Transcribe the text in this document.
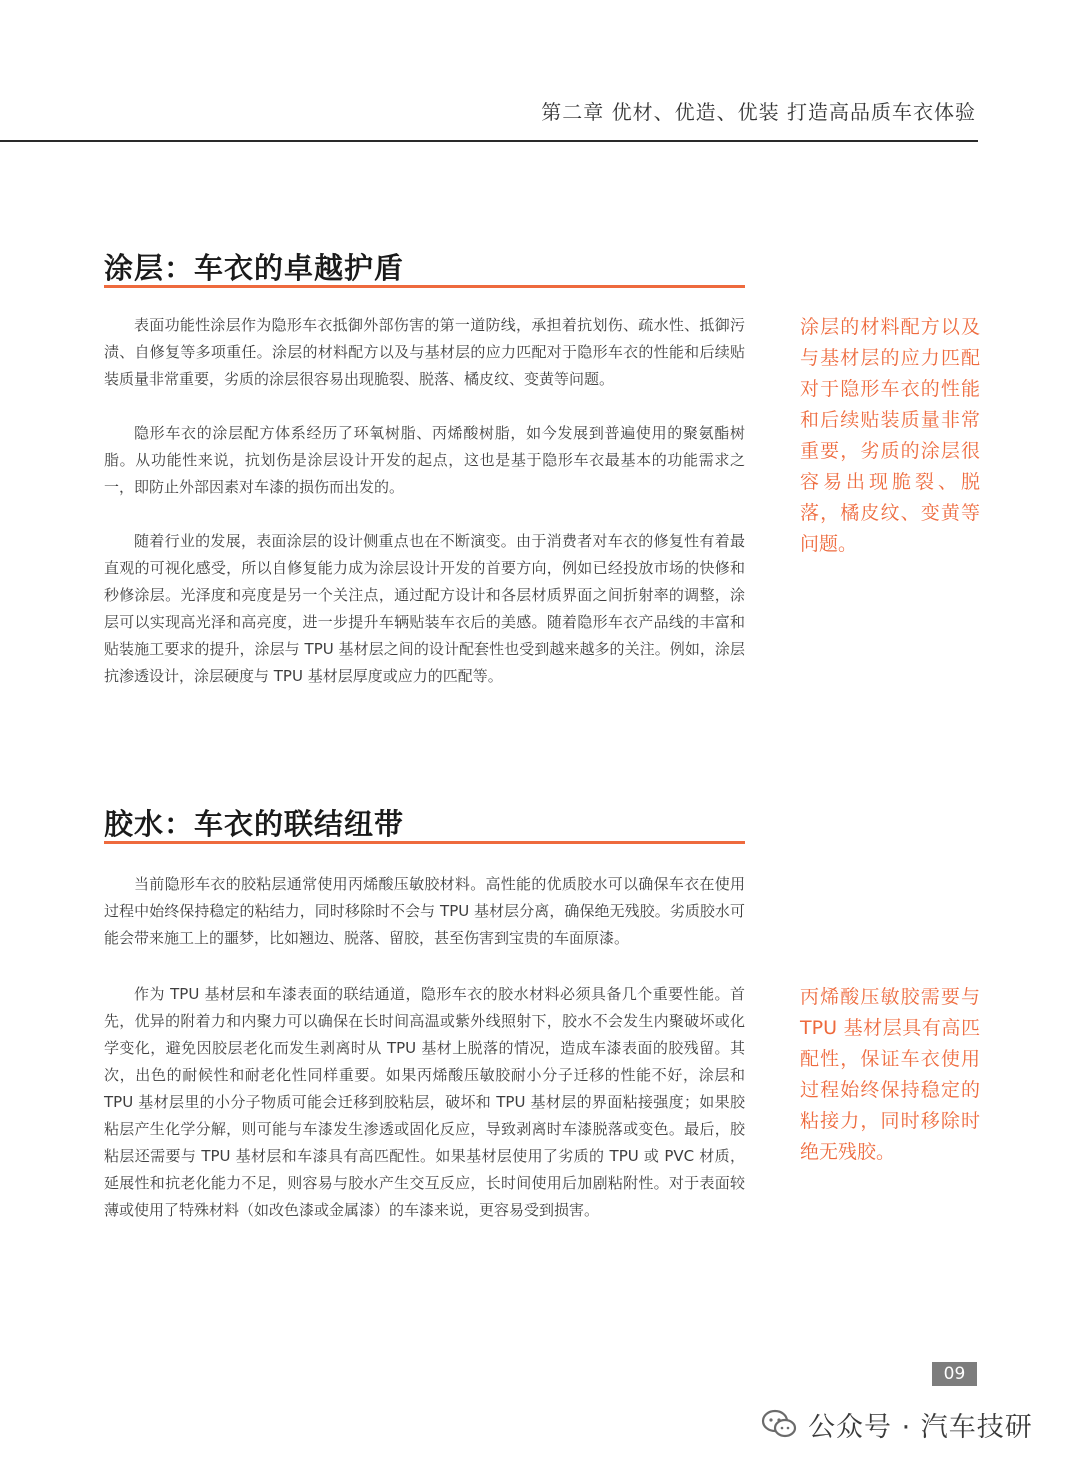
第二章 优材、优造、优装 打造高品质车衣体验
涂层：车衣的卓越护盾

表面功能性涂层作为隐形车衣抵御外部伤害的第一道防线，承担着抗划伤、疏水性、抵御污渍、自修复等多项重任。涂层的材料配方以及与基材层的应力匹配对于隐形车衣的性能和后续贴装质量非常重要，劣质的涂层很容易出现脆裂、脱落、橘皮纹、变黄等问题。

隐形车衣的涂层配方体系经历了环氧树脂、丙烯酸树脂，如今发展到普遍使用的聚氨酯树脂。从功能性来说，抗划伤是涂层设计开发的起点，这也是基于隐形车衣最基本的功能需求之一，即防止外部因素对车漆的损伤而出发的。

随着行业的发展，表面涂层的设计侧重点也在不断演变。由于消费者对车衣的修复性有着最直观的可视化感受，所以自修复能力成为涂层设计开发的首要方向，例如已经投放市场的快修和秒修涂层。光泽度和亮度是另一个关注点，通过配方设计和各层材质界面之间折射率的调整，涂层可以实现高光泽和高亮度，进一步提升车辆贴装车衣后的美感。随着隐形车衣产品线的丰富和贴装施工要求的提升，涂层与 TPU 基材层之间的设计配套性也受到越来越多的关注。例如，涂层抗渗透设计，涂层硬度与 TPU 基材层厚度或应力的匹配等。

涂层的材料配方以及与基材层的应力匹配对于隐形车衣的性能和后续贴装质量非常重要，劣质的涂层很容易出现脆裂、脱落，橘皮纹、变黄等问题。

胶水：车衣的联结纽带

当前隐形车衣的胶粘层通常使用丙烯酸压敏胶材料。高性能的优质胶水可以确保车衣在使用过程中始终保持稳定的粘结力，同时移除时不会与 TPU 基材层分离，确保绝无残胶。劣质胶水可能会带来施工上的噩梦，比如翘边、脱落、留胶，甚至伤害到宝贵的车面原漆。

作为 TPU 基材层和车漆表面的联结通道，隐形车衣的胶水材料必须具备几个重要性能。首先，优异的附着力和内聚力可以确保在长时间高温或紫外线照射下，胶水不会发生内聚破坏或化学变化，避免因胶层老化而发生剥离时从 TPU 基材上脱落的情况，造成车漆表面的胶残留。其次，出色的耐候性和耐老化性同样重要。如果丙烯酸压敏胶耐小分子迁移的性能不好，涂层和 TPU 基材层里的小分子物质可能会迁移到胶粘层，破坏和 TPU 基材层的界面粘接强度；如果胶粘层产生化学分解，则可能与车漆发生渗透或固化反应，导致剥离时车漆脱落或变色。最后，胶粘层还需要与 TPU 基材层和车漆具有高匹配性。如果基材层使用了劣质的 TPU 或 PVC 材质，延展性和抗老化能力不足，则容易与胶水产生交互反应，长时间使用后加剧粘附性。对于表面较薄或使用了特殊材料（如改色漆或金属漆）的车漆来说，更容易受到损害。

丙烯酸压敏胶需要与 TPU 基材层具有高匹配性，保证车衣使用过程始终保持稳定的粘接力，同时移除时绝无残胶。

09
公众号 · 汽车技研
